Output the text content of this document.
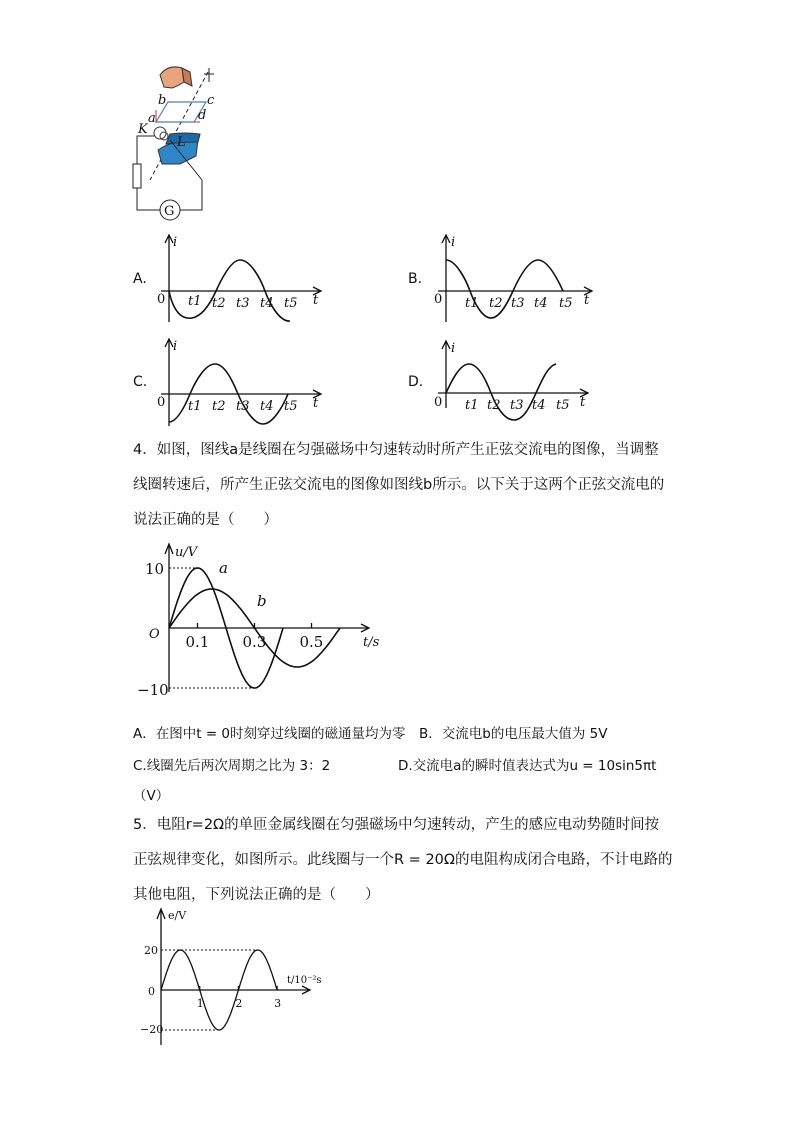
G
b	c
a	d
K
L
A.
i
t
0 t1 t2 t3 t4 t5
B.
i
t
0 t1 t2 t3 t4 t5
C.
i
t
0 t1 t2 t3 t4 t5
D.
i
t
0 t1 t2 t3 t4 t5

4．如图，图线a是线圈在匀强磁场中匀速转动时所产生正弦交流电的图像，当调整线圈转速后，所产生正弦交流电的图像如图线b所示。以下关于这两个正弦交流电的说法正确的是（　　）

u/V
t/s
O
10
−10
0.1 0.3 0.5
a
b
A．在图中t = 0时刻穿过线圈的磁通量均为零 B．交流电b的电压最大值为 5V
C.线圈先后两次周期之比为 3：2	D.交流电a的瞬时值表达式为u = 10sin5πt
（V）

5．电阻r=2Ω的单匝金属线圈在匀强磁场中匀速转动，产生的感应电动势随时间按正弦规律变化，如图所示。此线圈与一个R = 20Ω的电阻构成闭合电路，不计电路的其他电阻，下列说法正确的是（　　）

e/V
t/10⁻²s
0
20
−20
1	2	3
